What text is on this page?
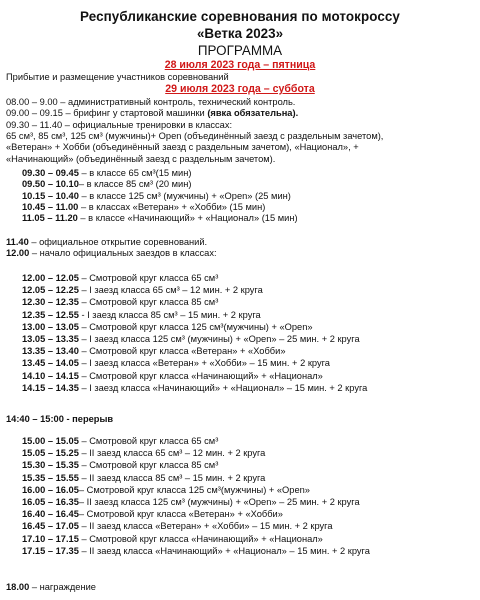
Республиканские соревнования по мотокроссу
«Ветка 2023»
ПРОГРАММА
28 июля 2023 года – пятница
Прибытие и размещение участников соревнований
29 июля 2023 года – суббота
08.00 – 9.00 – административный контроль, технический контроль.
09.00 – 09.15 – брифинг у стартовой машинки (явка обязательна).
09.30 – 11.40 – официальные тренировки в классах:
65 см³, 85 см³, 125 см³ (мужчины)+ Open (объединённый заезд с раздельным зачетом),
«Ветеран» + Хобби (объединённый заезд с раздельным зачетом), «Национал», +
«Начинающий» (объединённый заезд с раздельным зачетом).
09.30 – 09.45 – в классе 65 см³(15 мин)
09.50 – 10.10– в классе 85 см³ (20 мин)
10.15 – 10.40 – в классе 125 см³ (мужчины) + «Open» (25 мин)
10.45 – 11.00 – в классах «Ветеран» + «Хобби» (15 мин)
11.05 – 11.20 – в классе «Начинающий» + «Национал» (15 мин)
11.40 – официальное открытие соревнований.
12.00 – начало официальных заездов в классах:
12.00 – 12.05 – Смотровой круг класса 65 см³
12.05 – 12.25 – I заезд класса 65 см³ – 12 мин. + 2 круга
12.30 – 12.35 – Смотровой круг класса 85 см³
12.35 – 12.55 - I заезд класса 85 см³ – 15 мин. + 2 круга
13.00 – 13.05 – Смотровой круг класса 125 см³(мужчины) + «Open»
13.05 – 13.35 – I заезд класса 125 см³ (мужчины) + «Open» – 25 мин. + 2 круга
13.35 – 13.40 – Смотровой круг класса «Ветеран» + «Хобби»
13.45 – 14.05 – I заезд класса «Ветеран» + «Хобби» – 15 мин. + 2 круга
14.10 – 14.15 – Смотровой круг класса «Начинающий» + «Национал»
14.15 – 14.35 – I заезд класса «Начинающий» + «Национал» – 15 мин. + 2 круга
14:40 – 15:00 - перерыв
15.00 – 15.05 – Смотровой круг класса 65 см³
15.05 – 15.25 – II заезд класса 65 см³ – 12 мин. + 2 круга
15.30 – 15.35 – Смотровой круг класса 85 см³
15.35 – 15.55 – II заезд класса 85 см³ – 15 мин. + 2 круга
16.00 – 16.05– Смотровой круг класса 125 см³(мужчины) + «Open»
16.05 – 16.35– II заезд класса 125 см³ (мужчины) + «Open» – 25 мин. + 2 круга
16.40 – 16.45– Смотровой круг класса «Ветеран» + «Хобби»
16.45 – 17.05 – II заезд класса «Ветеран» + «Хобби» – 15 мин. + 2 круга
17.10 – 17.15 – Смотровой круг класса «Начинающий» + «Национал»
17.15 – 17.35 – II заезд класса «Начинающий» + «Национал» – 15 мин. + 2 круга
18.00 – награждение
